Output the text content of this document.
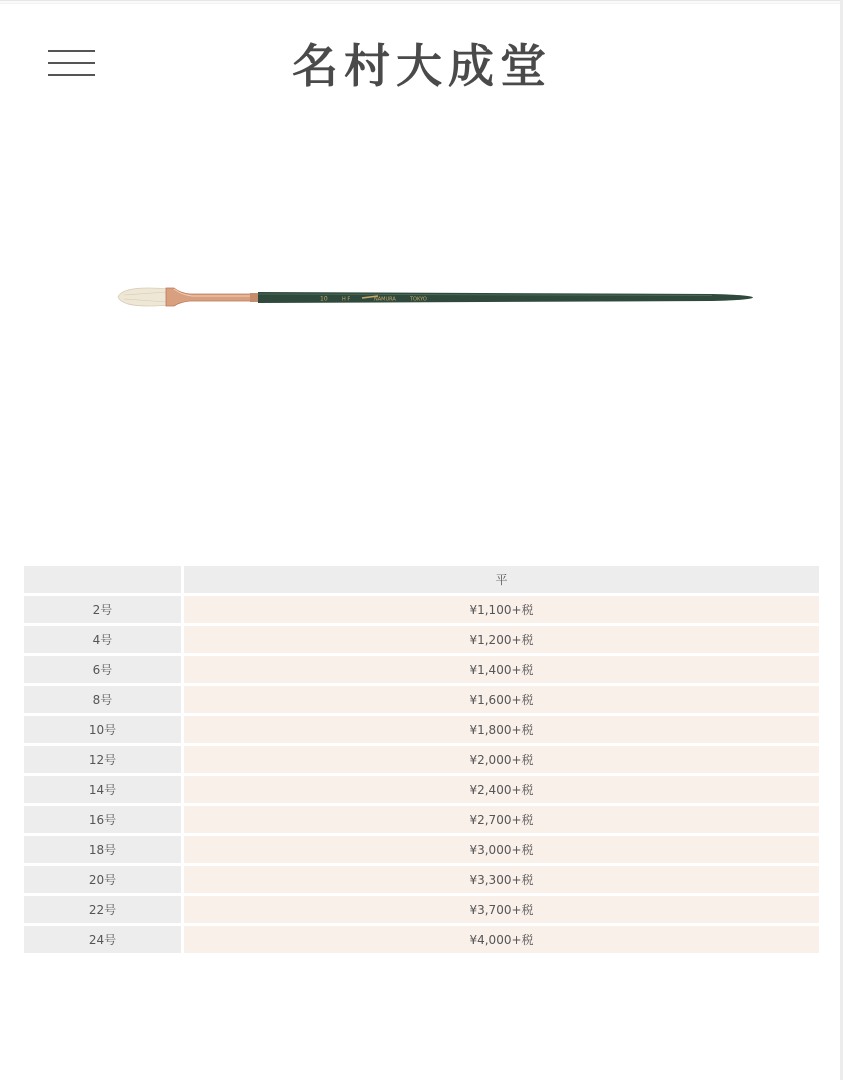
名村大成堂
10	H F	NAMURA	TOKYO
	平
2号	¥1,100+税
4号	¥1,200+税
6号	¥1,400+税
8号	¥1,600+税
10号	¥1,800+税
12号	¥2,000+税
14号	¥2,400+税
16号	¥2,700+税
18号	¥3,000+税
20号	¥3,300+税
22号	¥3,700+税
24号	¥4,000+税
